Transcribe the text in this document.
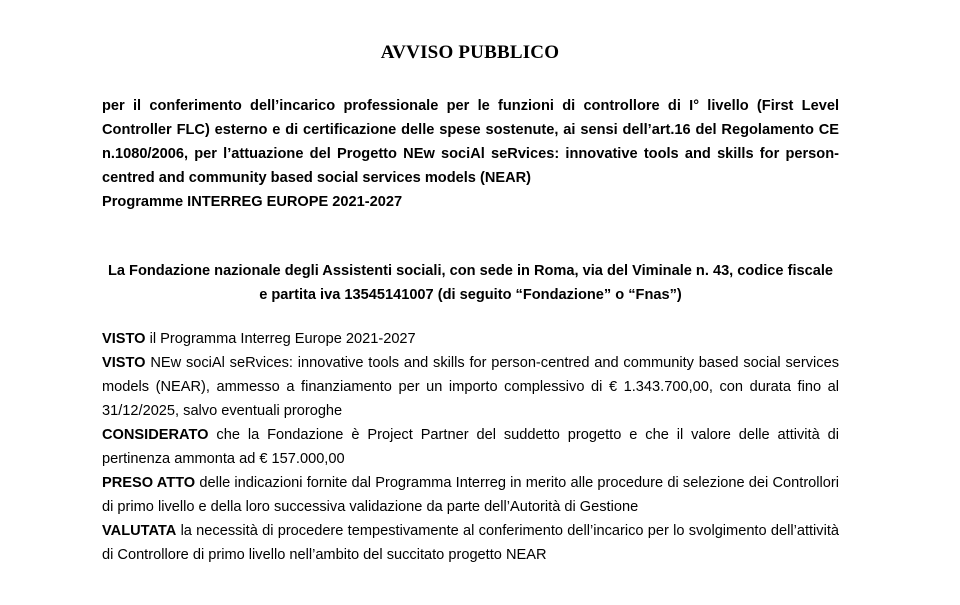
AVVISO PUBBLICO
per il conferimento dell’incarico professionale per le funzioni di controllore di I° livello (First Level Controller FLC) esterno e di certificazione delle spese sostenute, ai sensi dell’art.16 del Regolamento CE n.1080/2006, per l’attuazione del Progetto NEw sociAl seRvices: innovative tools and skills for person-centred and community based social services models (NEAR)
Programme INTERREG EUROPE 2021-2027
La Fondazione nazionale degli Assistenti sociali, con sede in Roma, via del Viminale n. 43, codice fiscale e partita iva 13545141007 (di seguito “Fondazione” o “Fnas”)

VISTO il Programma Interreg Europe 2021-2027

VISTO NEw sociAl seRvices: innovative tools and skills for person-centred and community based social services models (NEAR), ammesso a finanziamento per un importo complessivo di € 1.343.700,00, con durata fino al 31/12/2025, salvo eventuali proroghe

CONSIDERATO che la Fondazione è Project Partner del suddetto progetto e che il valore delle attività di pertinenza ammonta ad € 157.000,00

PRESO ATTO delle indicazioni fornite dal Programma Interreg in merito alle procedure di selezione dei Controllori di primo livello e della loro successiva validazione da parte dell’Autorità di Gestione

VALUTATA la necessità di procedere tempestivamente al conferimento dell’incarico per lo svolgimento dell’attività di Controllore di primo livello nell’ambito del succitato progetto NEAR
